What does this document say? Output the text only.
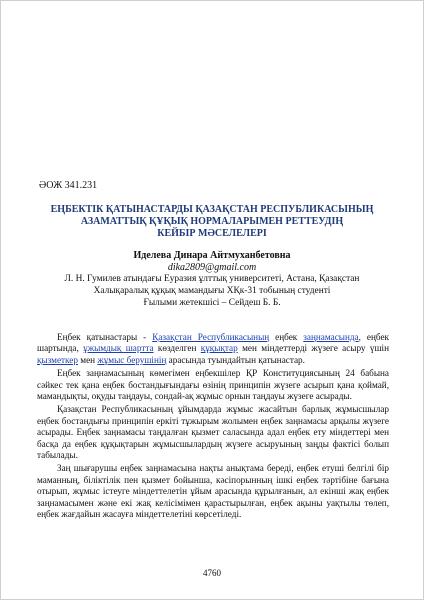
ӘОЖ 341.231
ЕҢБЕКТІК ҚАТЫНАСТАРДЫ ҚАЗАҚСТАН РЕСПУБЛИКАСЫНЫҢ
АЗАМАТТЫҚ ҚҰҚЫҚ НОРМАЛАРЫМЕН РЕТТЕУДІҢ
КЕЙБІР МӘСЕЛЕЛЕРІ
Иделева Динара Айтмуханбетовна
dika2809@gmail.com
Л. Н. Гумилев атындағы Еуразия ұлттық университеті, Астана, Қазақстан
Халықаралық құқық мамандығы ХҚк-31 тобының студенті
Ғылыми жетекшісі – Сейдеш Б. Б.

Еңбек қатынастары - Қазақстан Республикасының еңбек заңнамасында, еңбек шартында, ұжымдық шартта көзделген құқықтар мен міндеттерді жүзеге асыру үшін қызметкер мен жұмыс берушінің арасында туындайтын қатынастар.

Еңбек заңнамасының көмегімен еңбекшілер ҚР Конституциясының 24 бабына сәйкес тек қана еңбек бостандығындағы өзінің принципін жүзеге асырып қана қоймай, мамандықты, оқуды таңдауы, сондай-ақ жұмыс орнын таңдауы жүзеге асырады.

Қазақстан Республикасының ұйымдарда жұмыс жасайтын барлық жұмысшылар еңбек бостандығы принципін еркіті тұжырым жолымен еңбек заңнамасы арқылы жүзеге асырады. Еңбек заңнамасы таңдалған қызмет саласында адал еңбек ету міндеттері мен басқа да еңбек құқықтарын жұмысшылардың жүзеге асыруының заңды фактісі болып табылады.

Заң шығарушы еңбек заңнамасына нақты анықтама береді, еңбек етуші белгілі бір маманның, біліктілік пен қызмет бойынша, кәсіпорынның ішкі еңбек тәртібіне бағына отырып, жұмыс істеуге міндеттелетін ұйым арасында құрылғанын, ал екінші жақ еңбек заңнамасымен және екі жақ келісімімен қарастырылған, еңбек ақыны уақтылы төлеп, еңбек жағдайын жасауға міндеттелетіні көрсетіледі.

4760
